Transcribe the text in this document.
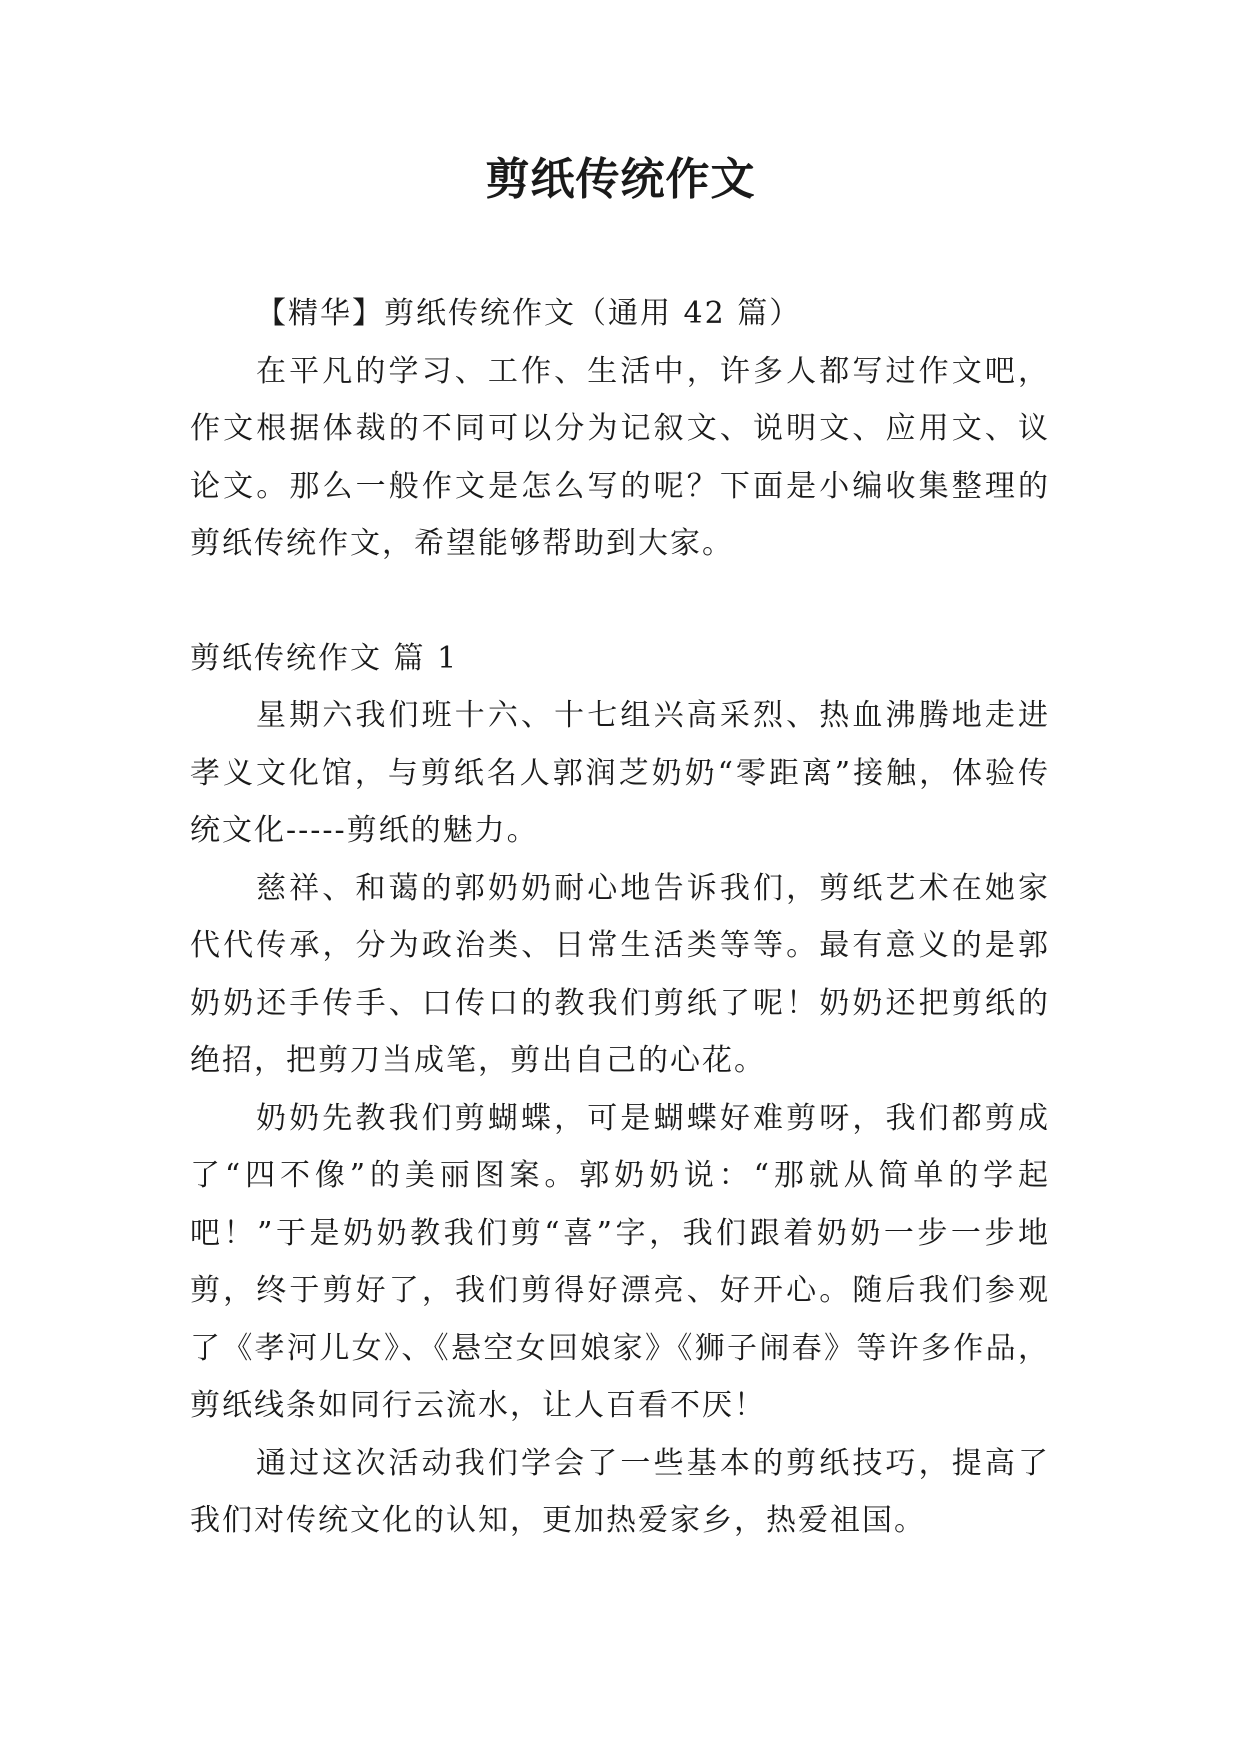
剪纸传统作文

【精华】剪纸传统作文（通用 42 篇）

在平凡的学习、工作、生活中，许多人都写过作文吧，作文根据体裁的不同可以分为记叙文、说明文、应用文、议论文。那么一般作文是怎么写的呢？下面是小编收集整理的剪纸传统作文，希望能够帮助到大家。

剪纸传统作文 篇 1

星期六我们班十六、十七组兴高采烈、热血沸腾地走进孝义文化馆，与剪纸名人郭润芝奶奶“零距离”接触，体验传统文化-----剪纸的魅力。

慈祥、和蔼的郭奶奶耐心地告诉我们，剪纸艺术在她家代代传承，分为政治类、日常生活类等等。最有意义的是郭奶奶还手传手、口传口的教我们剪纸了呢！奶奶还把剪纸的绝招，把剪刀当成笔，剪出自己的心花。

奶奶先教我们剪蝴蝶，可是蝴蝶好难剪呀，我们都剪成了“四不像”的美丽图案。郭奶奶说：“那就从简单的学起吧！”于是奶奶教我们剪“喜”字，我们跟着奶奶一步一步地剪，终于剪好了，我们剪得好漂亮、好开心。随后我们参观了《孝河儿女》、《悬空女回娘家》《狮子闹春》等许多作品，剪纸线条如同行云流水，让人百看不厌！

通过这次活动我们学会了一些基本的剪纸技巧，提高了我们对传统文化的认知，更加热爱家乡，热爱祖国。
